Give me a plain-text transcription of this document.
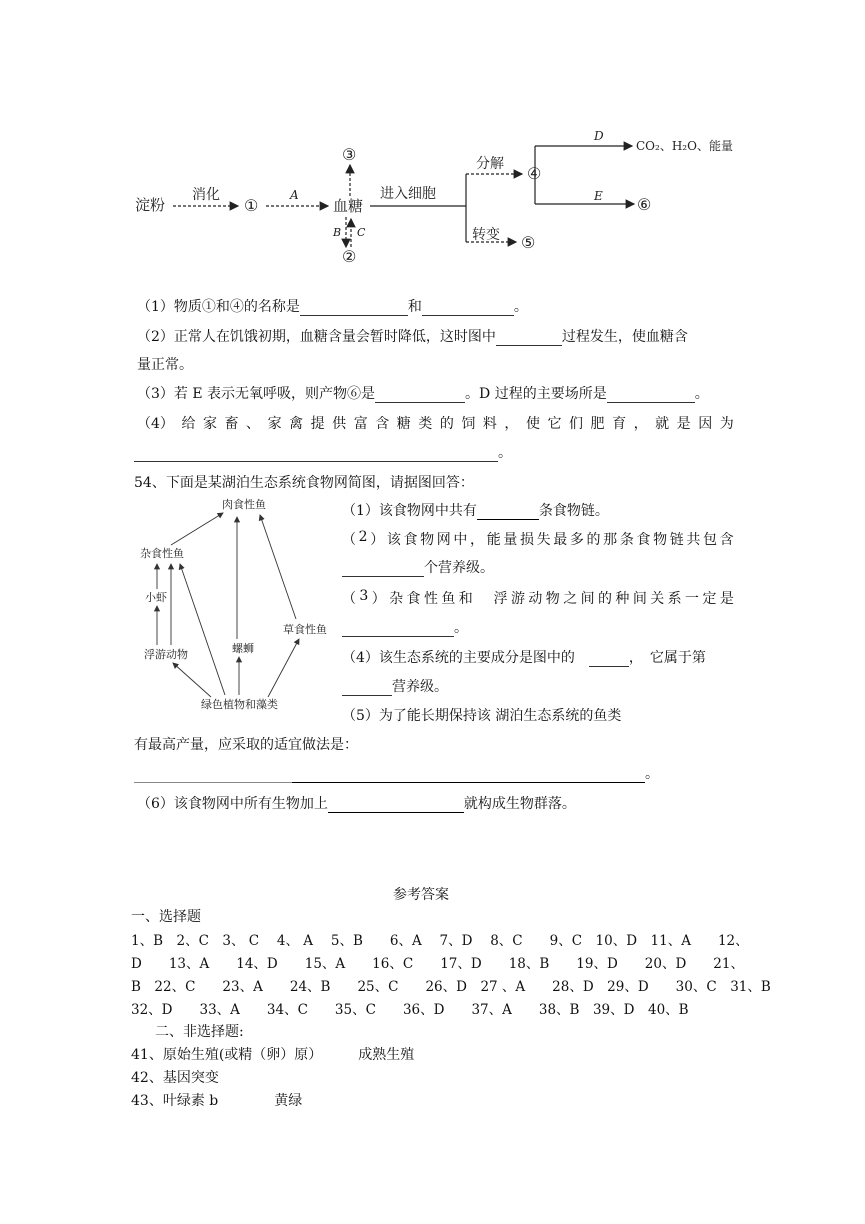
淀粉
消化
①
A
血糖
③
B C
②
进入细胞
分解
转变 ⑤
④
D
CO₂、H₂O、能量
E ⑥
（1）物质①和④的名称是	和	。
（2）正常人在饥饿初期，血糖含量会暂时降低，这时图中	过程发生，使血糖含
量正常。
（3）若 E 表示无氧呼吸，则产物⑥是	。D 过程的主要场所是	。
（4） 给 家 畜 、 家 禽 提 供 富 含 糖 类 的 饲 料 ， 使 它 们 肥 育 ， 就 是 因 为
。
54、下面是某湖泊生态系统食物网简图，请据图回答：
肉食性鱼
杂食性鱼
小虾
浮游动物	螺蛳
草食性鱼
绿色植物和藻类
（1）该食物网中共有	条食物链。
（ 2 ） 该 食 物 网 中 ， 能 量 损 失 最 多 的 那 条 食 物 链 共 包 含
个营养级。
（ 3 ） 杂 食 性 鱼 和
　 浮 游 动 物 之 间 的 种 间 关 系 一 定 是
。
（4）该生态系统的主要成分是图中的　	，　它属于第
营养级。
（5）为了能长期保持该 湖泊生态系统的鱼类
有最高产量，应采取的适宜做法是：
。
（6）该食物网中所有生物加上	就构成生物群落。
参考答案
一、选择题
1、B　2、C　3、 C　 4、 A　 5、B　　6、A　 7、D　 8、C　　9、C　10、D　11、A　　12、
D　　13、A　　14、D　　15、A　　16、C　　17、D　　18、B　　19、D　　20、D　　21、
B　22、C　　23、A　　24、B　　25、C　　26、D　27 、A　　28、D　29、D　　30、C　31、B
32、D　　33、A　　34、C　　35、C　　36、D　　37、A　　38、B　39、D　40、B
二、非选择题:
41、原始生殖(或精（卵）原）	成熟生殖
42、基因突变
43、叶绿素 b	黄绿
